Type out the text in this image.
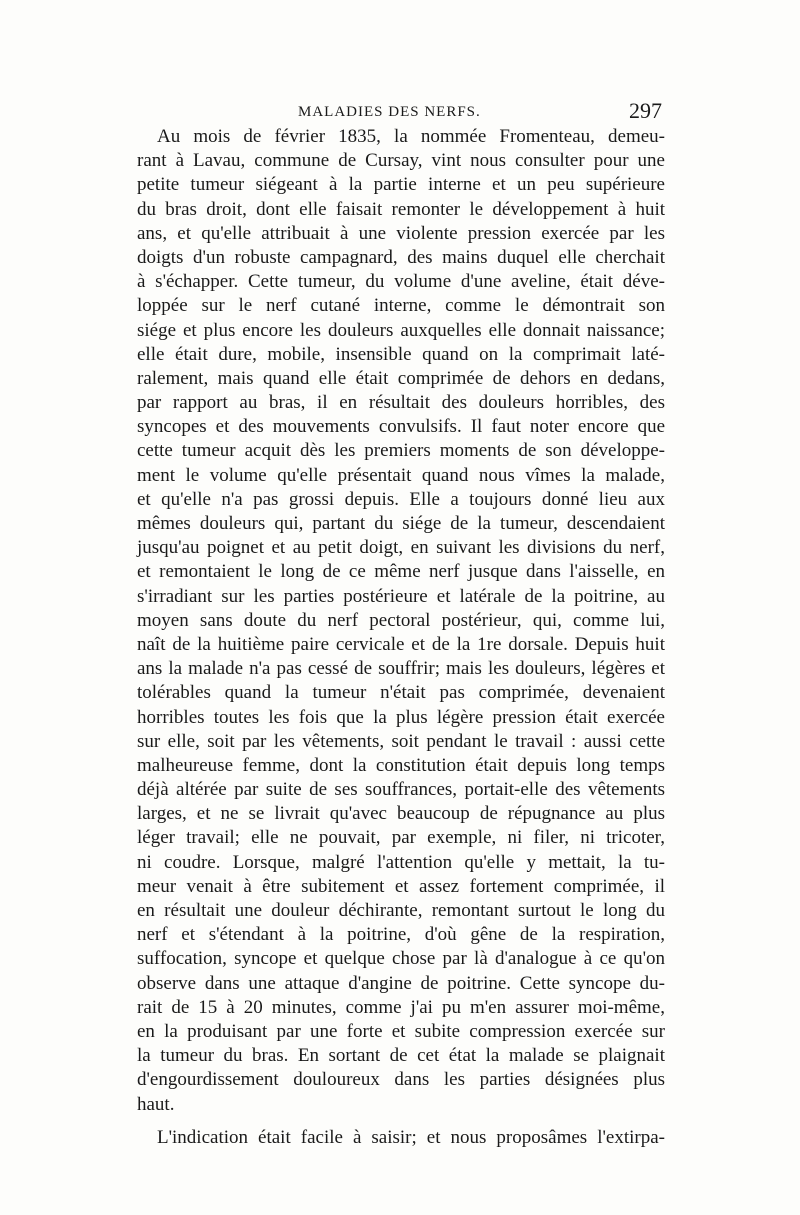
MALADIES DES NERFS.	297
Au mois de février 1835, la nommée Fromenteau, demeu-
rant à Lavau, commune de Cursay, vint nous consulter pour une
petite tumeur siégeant à la partie interne et un peu supérieure
du bras droit, dont elle faisait remonter le développement à huit
ans, et qu'elle attribuait à une violente pression exercée par les
doigts d'un robuste campagnard, des mains duquel elle cherchait
à s'échapper. Cette tumeur, du volume d'une aveline, était déve-
loppée sur le nerf cutané interne, comme le démontrait son
siége et plus encore les douleurs auxquelles elle donnait naissance;
elle était dure, mobile, insensible quand on la comprimait laté-
ralement, mais quand elle était comprimée de dehors en dedans,
par rapport au bras, il en résultait des douleurs horribles, des
syncopes et des mouvements convulsifs. Il faut noter encore que
cette tumeur acquit dès les premiers moments de son développe-
ment le volume qu'elle présentait quand nous vîmes la malade,
et qu'elle n'a pas grossi depuis. Elle a toujours donné lieu aux
mêmes douleurs qui, partant du siége de la tumeur, descendaient
jusqu'au poignet et au petit doigt, en suivant les divisions du nerf,
et remontaient le long de ce même nerf jusque dans l'aisselle, en
s'irradiant sur les parties postérieure et latérale de la poitrine, au
moyen sans doute du nerf pectoral postérieur, qui, comme lui,
naît de la huitième paire cervicale et de la 1re dorsale. Depuis huit
ans la malade n'a pas cessé de souffrir; mais les douleurs, légères et
tolérables quand la tumeur n'était pas comprimée, devenaient
horribles toutes les fois que la plus légère pression était exercée
sur elle, soit par les vêtements, soit pendant le travail : aussi cette
malheureuse femme, dont la constitution était depuis long temps
déjà altérée par suite de ses souffrances, portait-elle des vêtements
larges, et ne se livrait qu'avec beaucoup de répugnance au plus
léger travail; elle ne pouvait, par exemple, ni filer, ni tricoter,
ni coudre. Lorsque, malgré l'attention qu'elle y mettait, la tu-
meur venait à être subitement et assez fortement comprimée, il
en résultait une douleur déchirante, remontant surtout le long du
nerf et s'étendant à la poitrine, d'où gêne de la respiration,
suffocation, syncope et quelque chose par là d'analogue à ce qu'on
observe dans une attaque d'angine de poitrine. Cette syncope du-
rait de 15 à 20 minutes, comme j'ai pu m'en assurer moi-même,
en la produisant par une forte et subite compression exercée sur
la tumeur du bras. En sortant de cet état la malade se plaignait
d'engourdissement douloureux dans les parties désignées plus
haut.
L'indication était facile à saisir; et nous proposâmes l'extirpa-
